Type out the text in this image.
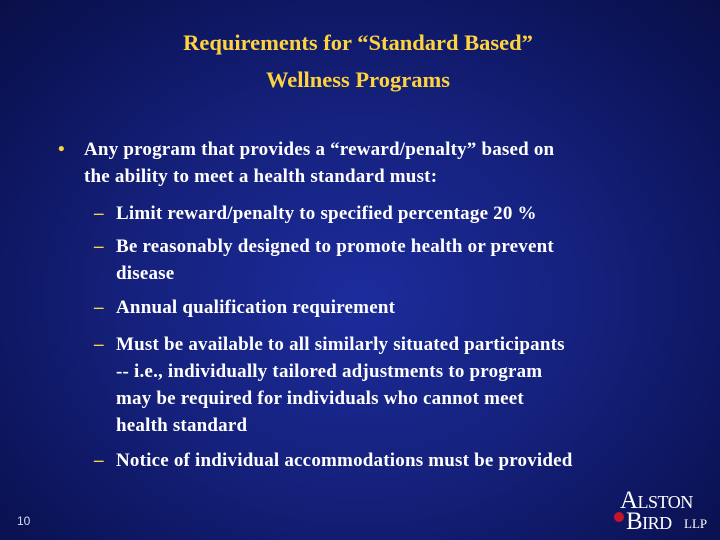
Requirements for “Standard Based”
Wellness Programs
• Any program that provides a “reward/penalty” based on
the ability to meet a health standard must:
– Limit reward/penalty to specified percentage 20 %
– Be reasonably designed to promote health or prevent
disease
– Annual qualification requirement
– Must be available to all similarly situated participants
-- i.e., individually tailored adjustments to program
may be required for individuals who cannot meet
health standard
– Notice of individual accommodations must be provided
10
Alston
Bird LLP
